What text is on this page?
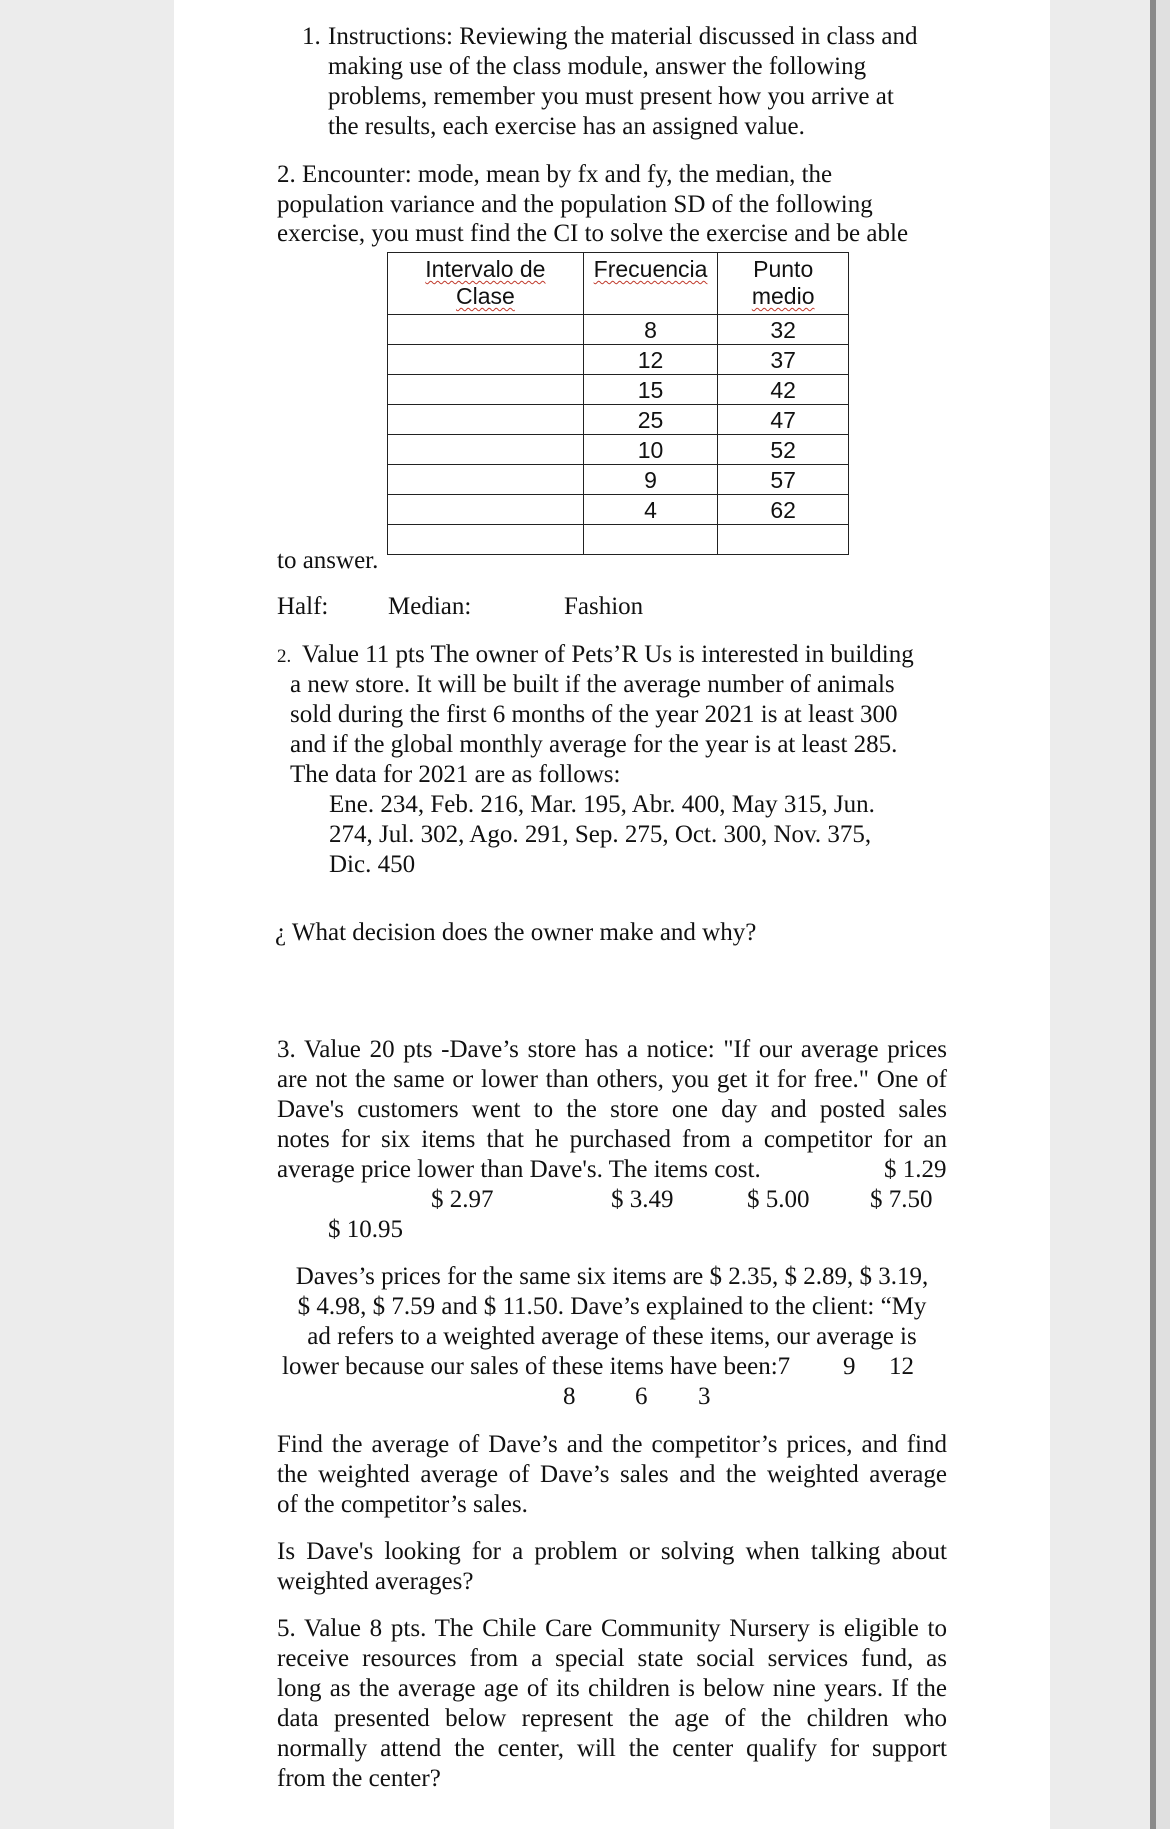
1. Instructions: Reviewing the material discussed in class and
making use of the class module, answer the following
problems, remember you must present how you arrive at
the results, each exercise has an assigned value.
2. Encounter: mode, mean by fx and fy, the median, the
population variance and the population SD of the following
exercise, you must find the CI to solve the exercise and be able
to answer.
Intervalo de
Clase	Frecuencia	Punto
medio
	8	32
	12	37
	15	42
	25	47
	10	52
	9	57
	4	62

Half: Median:	Fashion
2. Value 11 pts The owner of Pets’R Us is interested in building
a new store. It will be built if the average number of animals
sold during the first 6 months of the year 2021 is at least 300
and if the global monthly average for the year is at least 285.
The data for 2021 are as follows:
Ene. 234, Feb. 216, Mar. 195, Abr. 400, May 315, Jun.
274, Jul. 302, Ago. 291, Sep. 275, Oct. 300, Nov. 375,
Dic. 450
¿ What decision does the owner make and why?
3. Value 20 pts -Dave’s store has a notice: "If our average prices
are not the same or lower than others, you get it for free." One of
Dave's customers went to the store one day and posted sales
notes for six items that he purchased from a competitor for an
average price lower than Dave's. The items cost.	$ 1.29
$ 2.97	$ 3.49	$ 5.00 $ 7.50
$ 10.95
Daves’s prices for the same six items are $ 2.35, $ 2.89, $ 3.19,
$ 4.98, $ 7.59 and $ 11.50. Dave’s explained to the client: “My
ad refers to a weighted average of these items, our average is
lower because our sales of these items have been:7 9 12
8 6 3
Find the average of Dave’s and the competitor’s prices, and find
the weighted average of Dave’s sales and the weighted average
of the competitor’s sales.
Is Dave's looking for a problem or solving when talking about
weighted averages?
5. Value 8 pts. The Chile Care Community Nursery is eligible to
receive resources from a special state social services fund, as
long as the average age of its children is below nine years. If the
data presented below represent the age of the children who
normally attend the center, will the center qualify for support
from the center?
